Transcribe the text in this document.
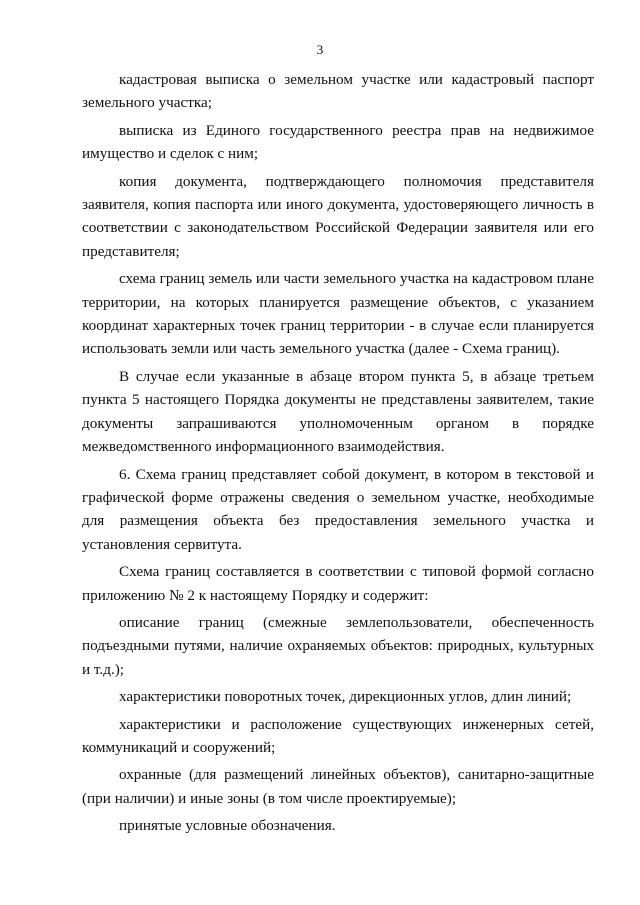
3

кадастровая выписка о земельном участке или кадастровый паспорт земельного участка;

выписка из Единого государственного реестра прав на недвижимое имущество и сделок с ним;

копия документа, подтверждающего полномочия представителя заявителя, копия паспорта или иного документа, удостоверяющего личность в соответствии с законодательством Российской Федерации заявителя или его представителя;

схема границ земель или части земельного участка на кадастровом плане территории, на которых планируется размещение объектов, с указанием координат характерных точек границ территории - в случае если планируется использовать земли или часть земельного участка (далее - Схема границ).

В случае если указанные в абзаце втором пункта 5, в абзаце третьем пункта 5 настоящего Порядка документы не представлены заявителем, такие документы запрашиваются уполномоченным органом в порядке межведомственного информационного взаимодействия.

6. Схема границ представляет собой документ, в котором в текстовой и графической форме отражены сведения о земельном участке, необходимые для размещения объекта без предоставления земельного участка и установления сервитута.

Схема границ составляется в соответствии с типовой формой согласно приложению № 2 к настоящему Порядку и содержит:

описание границ (смежные землепользователи, обеспеченность подъездными путями, наличие охраняемых объектов: природных, культурных и т.д.);

характеристики поворотных точек, дирекционных углов, длин линий;

характеристики и расположение существующих инженерных сетей, коммуникаций и сооружений;

охранные (для размещений линейных объектов), санитарно-защитные (при наличии) и иные зоны (в том числе проектируемые);

принятые условные обозначения.
